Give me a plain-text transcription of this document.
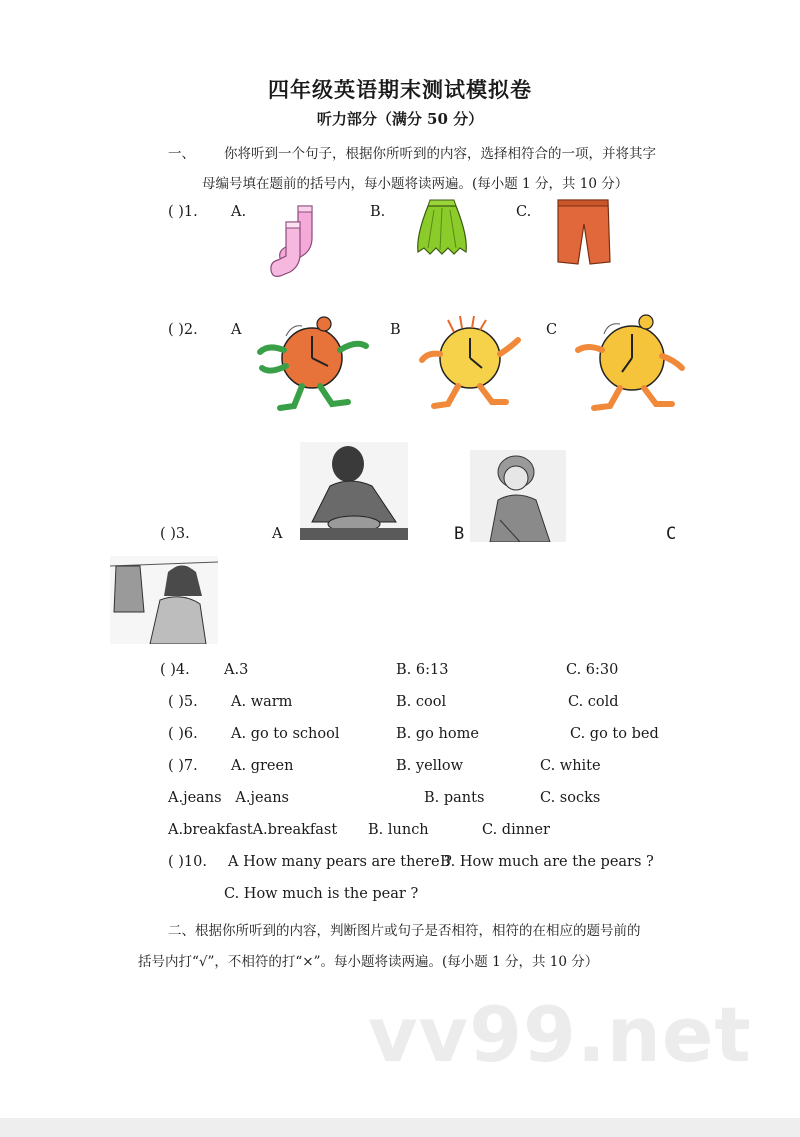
四年级英语期末测试模拟卷
听力部分（满分 50 分）
一、 你将听到一个句子，根据你所听到的内容，选择相符合的一项，并将其字
母编号填在题前的括号内，每小题将读两遍。(每小题 1 分，共 10 分）
( )1. A.	B.	C.
( )2. A	B	C
( )3.	A	B	C
( )4. A.3	B. 6:13	C. 6:30
( )5. A. warm	B. cool	C. cold
( )6. A. go to school	B. go home	C. go to bed
( )7. A. green	B. yellow	C. white
A.jeans   A.jeans	B. pants	C. socks
A.breakfastA.breakfast B. lunch	C. dinner
( )10. A How many pears are there ?
B. How much are the pears ?
C. How much is the pear ?
二、根据你所听到的内容，判断图片或句子是否相符，相符的在相应的题号前的
括号内打“√”，不相符的打“×”。每小题将读两遍。(每小题 1 分，共 10 分）
vv99.net
